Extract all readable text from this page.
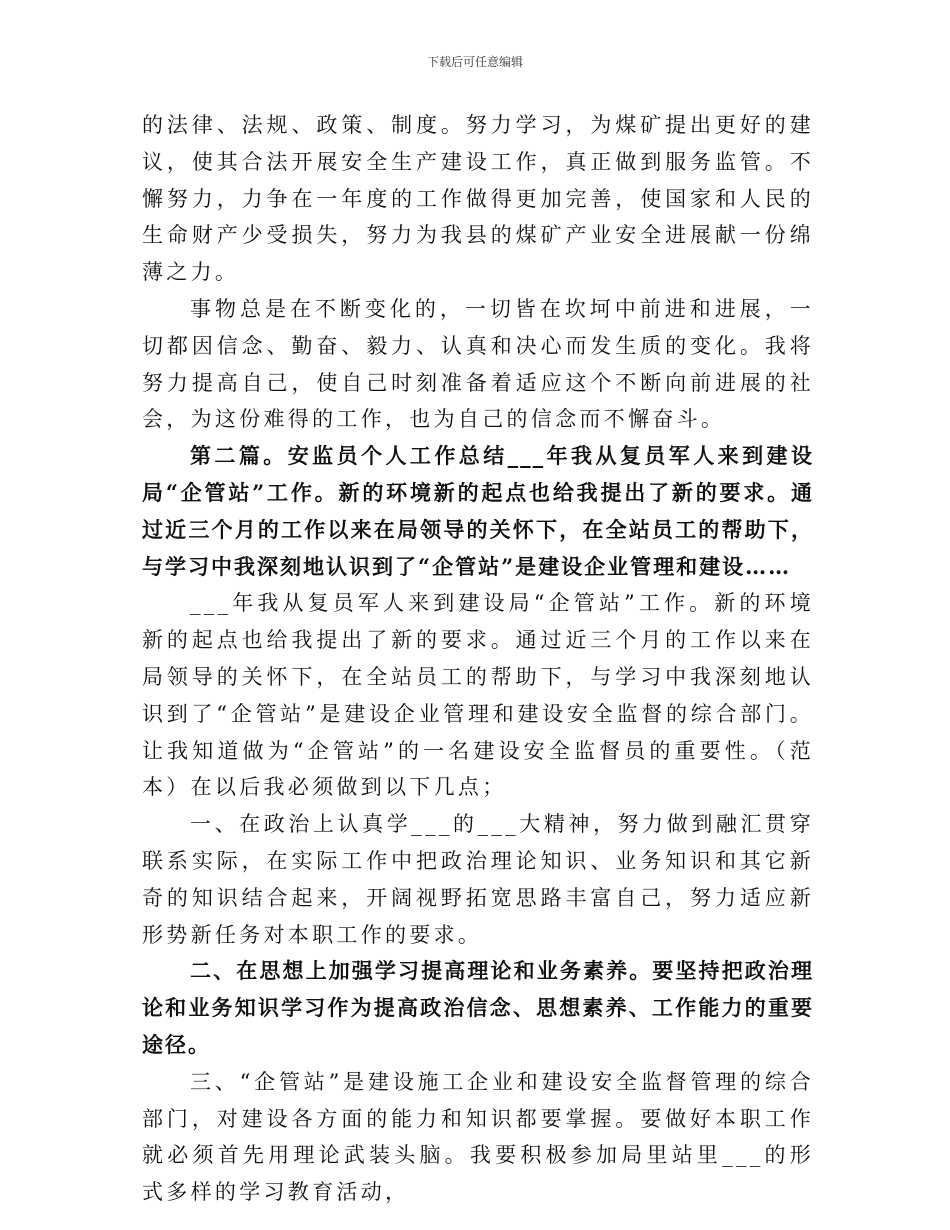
下载后可任意编辑

的法律、法规、政策、制度。努力学习，为煤矿提出更好的建议，使其合法开展安全生产建设工作，真正做到服务监管。不懈努力，力争在一年度的工作做得更加完善，使国家和人民的生命财产少受损失，努力为我县的煤矿产业安全进展献一份绵薄之力。

事物总是在不断变化的，一切皆在坎坷中前进和进展，一切都因信念、勤奋、毅力、认真和决心而发生质的变化。我将努力提高自己，使自己时刻准备着适应这个不断向前进展的社会，为这份难得的工作，也为自己的信念而不懈奋斗。

第二篇。安监员个人工作总结___年我从复员军人来到建设局“企管站”工作。新的环境新的起点也给我提出了新的要求。通过近三个月的工作以来在局领导的关怀下，在全站员工的帮助下，与学习中我深刻地认识到了“企管站”是建设企业管理和建设……

___年我从复员军人来到建设局“企管站”工作。新的环境新的起点也给我提出了新的要求。通过近三个月的工作以来在局领导的关怀下，在全站员工的帮助下，与学习中我深刻地认识到了“企管站”是建设企业管理和建设安全监督的综合部门。让我知道做为“企管站”的一名建设安全监督员的重要性。（范本）在以后我必须做到以下几点；

一、在政治上认真学___的___大精神，努力做到融汇贯穿联系实际，在实际工作中把政治理论知识、业务知识和其它新奇的知识结合起来，开阔视野拓宽思路丰富自己，努力适应新形势新任务对本职工作的要求。

二、在思想上加强学习提高理论和业务素养。要坚持把政治理论和业务知识学习作为提高政治信念、思想素养、工作能力的重要途径。

三、“企管站”是建设施工企业和建设安全监督管理的综合部门，对建设各方面的能力和知识都要掌握。要做好本职工作就必须首先用理论武装头脑。我要积极参加局里站里___的形式多样的学习教育活动，
